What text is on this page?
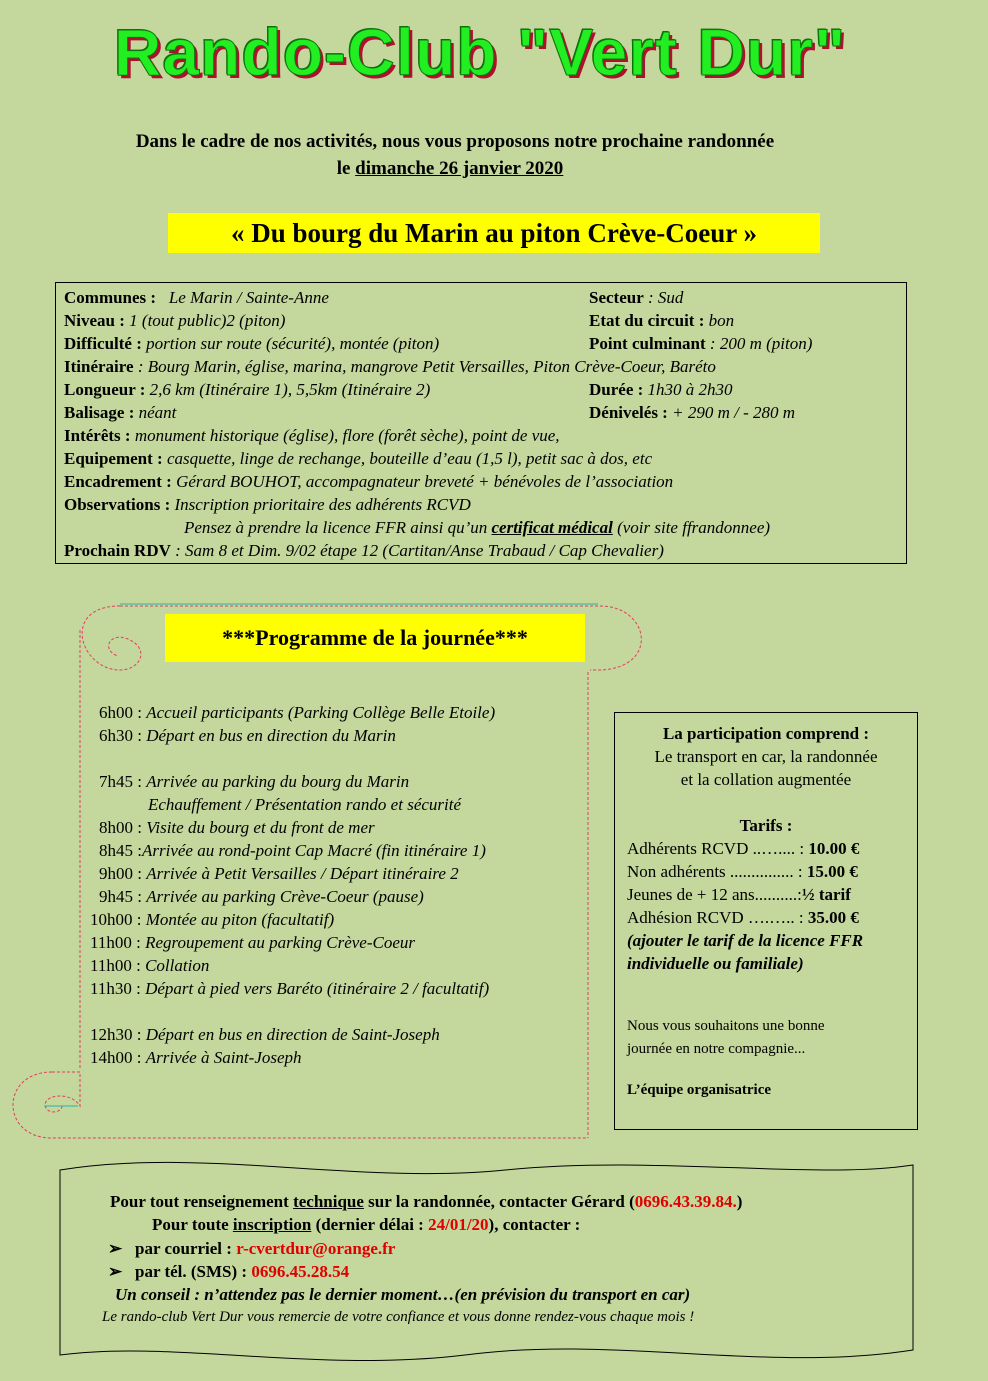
Rando-Club "Vert Dur"
Dans le cadre de nos activités, nous vous proposons notre prochaine randonnée
le dimanche 26 janvier 2020
« Du bourg du Marin au piton Crève-Coeur »
Communes : Le Marin / Sainte-Anne	Secteur : Sud
Niveau : 1 (tout public)2 (piton)	Etat du circuit : bon
Difficulté : portion sur route (sécurité), montée (piton)	Point culminant : 200 m (piton)
Itinéraire : Bourg Marin, église, marina, mangrove Petit Versailles, Piton Crève-Coeur, Baréto
Longueur : 2,6 km (Itinéraire 1), 5,5km (Itinéraire 2)	Durée : 1h30 à 2h30
Balisage : néant	Dénivelés : + 290 m / - 280 m
Intérêts : monument historique (église), flore (forêt sèche), point de vue,
Equipement : casquette, linge de rechange, bouteille d’eau (1,5 l), petit sac à dos, etc
Encadrement : Gérard BOUHOT, accompagnateur breveté + bénévoles de l’association
Observations : Inscription prioritaire des adhérents RCVD
Pensez à prendre la licence FFR ainsi qu’un certificat médical (voir site ffrandonnee)
Prochain RDV : Sam 8 et Dim. 9/02 étape 12 (Cartitan/Anse Trabaud / Cap Chevalier)
***Programme de la journée***
6h00 : Accueil participants (Parking Collège Belle Etoile)
6h30 : Départ en bus en direction du Marin
7h45 : Arrivée au parking du bourg du Marin
Echauffement / Présentation rando et sécurité
8h00 : Visite du bourg et du front de mer
8h45 :Arrivée au rond-point Cap Macré (fin itinéraire 1)
9h00 : Arrivée à Petit Versailles / Départ itinéraire 2
9h45 : Arrivée au parking Crève-Coeur (pause)
10h00 : Montée au piton (facultatif)
11h00 : Regroupement au parking Crève-Coeur
11h00 : Collation
11h30 : Départ à pied vers Baréto (itinéraire 2 / facultatif)
12h30 : Départ en bus en direction de Saint-Joseph
14h00 : Arrivée à Saint-Joseph
La participation comprend :
Le transport en car, la randonnée
et la collation augmentée
Tarifs :
Adhérents RCVD ..….... : 10.00 €
Non adhérents ............... : 15.00 €
Jeunes de + 12 ans..........:½ tarif
Adhésion RCVD ….….. : 35.00 €
(ajouter le tarif de la licence FFR
individuelle ou familiale)
Nous vous souhaitons une bonne
journée en notre compagnie...
L’équipe organisatrice
Pour tout renseignement technique sur la randonnée, contacter Gérard (0696.43.39.84.)
Pour toute inscription (dernier délai : 24/01/20), contacter :
➢ par courriel : r-cvertdur@orange.fr
➢ par tél. (SMS) : 0696.45.28.54
Un conseil : n’attendez pas le dernier moment…(en prévision du transport en car)
Le rando-club Vert Dur vous remercie de votre confiance et vous donne rendez-vous chaque mois !
